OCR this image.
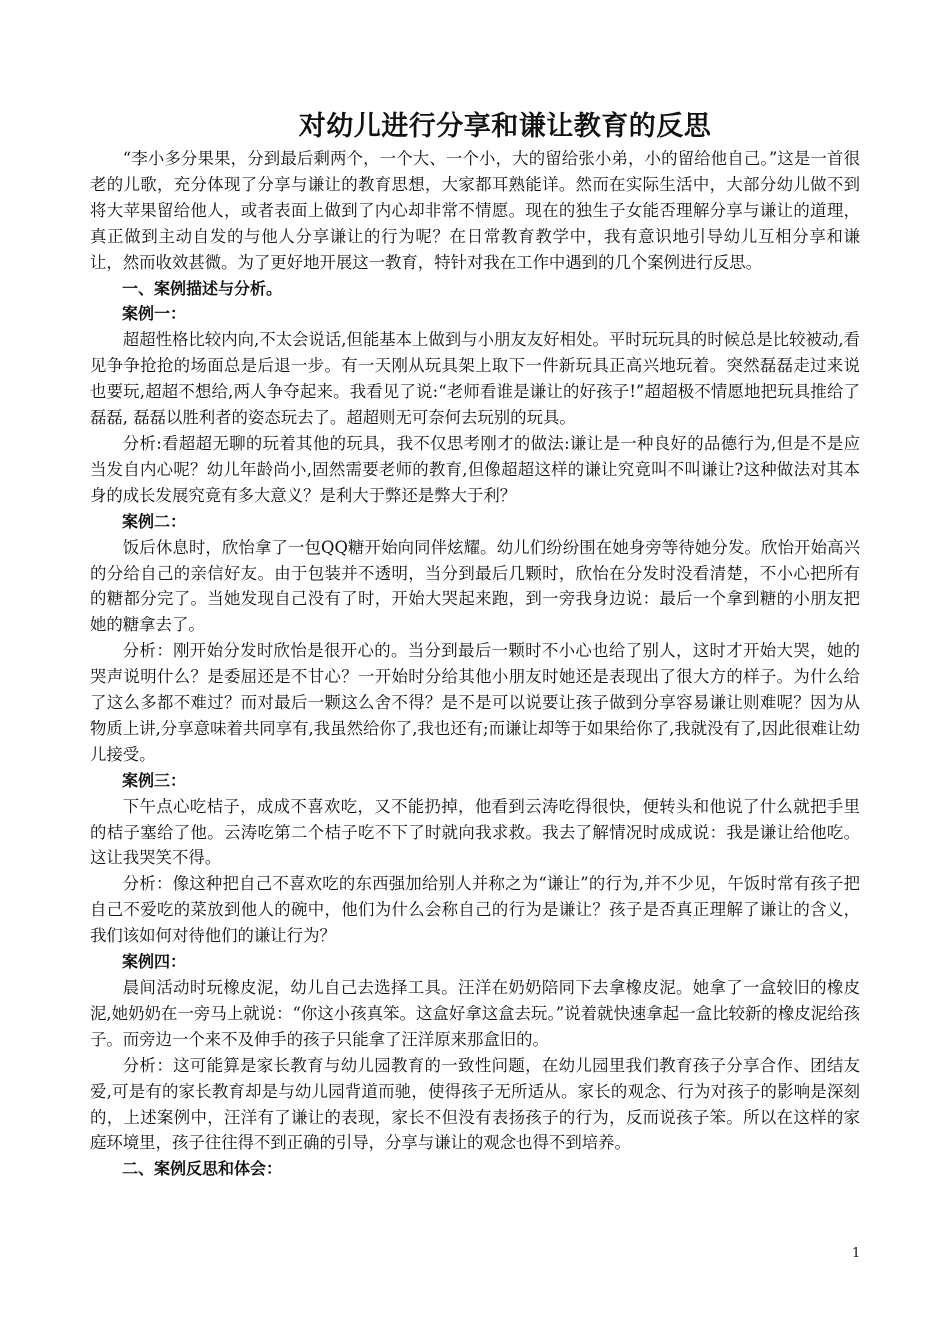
对幼儿进行分享和谦让教育的反思

“李小多分果果，分到最后剩两个，一个大、一个小，大的留给张小弟，小的留给他自己。”这是一首很老的儿歌，充分体现了分享与谦让的教育思想，大家都耳熟能详。然而在实际生活中，大部分幼儿做不到将大苹果留给他人，或者表面上做到了内心却非常不情愿。现在的独生子女能否理解分享与谦让的道理，真正做到主动自发的与他人分享谦让的行为呢？在日常教育教学中，我有意识地引导幼儿互相分享和谦让，然而收效甚微。为了更好地开展这一教育，特针对我在工作中遇到的几个案例进行反思。

一、案例描述与分析。

案例一：

超超性格比较内向,不太会说话,但能基本上做到与小朋友友好相处。平时玩玩具的时候总是比较被动,看见争争抢抢的场面总是后退一步。有一天刚从玩具架上取下一件新玩具正高兴地玩着。突然磊磊走过来说也要玩,超超不想给,两人争夺起来。我看见了说:“老师看谁是谦让的好孩子!”超超极不情愿地把玩具推给了磊磊, 磊磊以胜利者的姿态玩去了。超超则无可奈何去玩别的玩具。

分析:看超超无聊的玩着其他的玩具，我不仅思考刚才的做法:谦让是一种良好的品德行为,但是不是应当发自内心呢？幼儿年龄尚小,固然需要老师的教育,但像超超这样的谦让究竟叫不叫谦让?这种做法对其本身的成长发展究竟有多大意义？是利大于弊还是弊大于利？

案例二：

饭后休息时，欣怡拿了一包QQ糖开始向同伴炫耀。幼儿们纷纷围在她身旁等待她分发。欣怡开始高兴的分给自己的亲信好友。由于包装并不透明，当分到最后几颗时，欣怡在分发时没看清楚，不小心把所有的糖都分完了。当她发现自己没有了时，开始大哭起来跑，到一旁我身边说：最后一个拿到糖的小朋友把她的糖拿去了。

分析：刚开始分发时欣怡是很开心的。当分到最后一颗时不小心也给了别人，这时才开始大哭，她的哭声说明什么？是委屈还是不甘心？一开始时分给其他小朋友时她还是表现出了很大方的样子。为什么给了这么多都不难过？而对最后一颗这么舍不得？是不是可以说要让孩子做到分享容易谦让则难呢？因为从物质上讲,分享意味着共同享有,我虽然给你了,我也还有;而谦让却等于如果给你了,我就没有了,因此很难让幼儿接受。

案例三：

下午点心吃桔子，成成不喜欢吃，又不能扔掉，他看到云涛吃得很快，便转头和他说了什么就把手里的桔子塞给了他。云涛吃第二个桔子吃不下了时就向我求救。我去了解情况时成成说：我是谦让给他吃。这让我哭笑不得。

分析：像这种把自己不喜欢吃的东西强加给别人并称之为“谦让”的行为,并不少见，午饭时常有孩子把自己不爱吃的菜放到他人的碗中，他们为什么会称自己的行为是谦让？孩子是否真正理解了谦让的含义，我们该如何对待他们的谦让行为？

案例四：

晨间活动时玩橡皮泥，幼儿自己去选择工具。汪洋在奶奶陪同下去拿橡皮泥。她拿了一盒较旧的橡皮泥,她奶奶在一旁马上就说：“你这小孩真笨。这盒好拿这盒去玩。”说着就快速拿起一盒比较新的橡皮泥给孩子。而旁边一个来不及伸手的孩子只能拿了汪洋原来那盒旧的。

分析：这可能算是家长教育与幼儿园教育的一致性问题，在幼儿园里我们教育孩子分享合作、团结友爱,可是有的家长教育却是与幼儿园背道而驰，使得孩子无所适从。家长的观念、行为对孩子的影响是深刻的，上述案例中，汪洋有了谦让的表现，家长不但没有表扬孩子的行为，反而说孩子笨。所以在这样的家庭环境里，孩子往往得不到正确的引导，分享与谦让的观念也得不到培养。

二、案例反思和体会：

1
